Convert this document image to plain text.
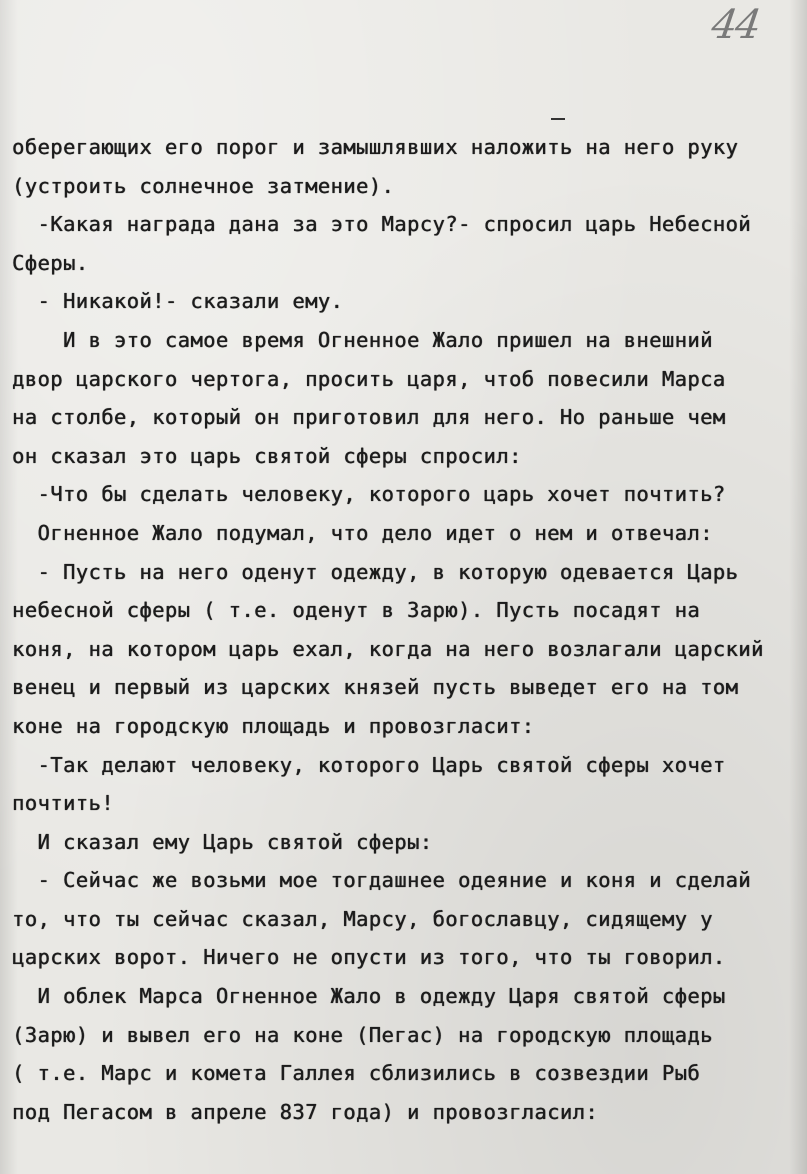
44
оберегающих его порог и замышлявших наложить на него руку
(устроить солнечное затмение).
-Какая награда дана за это Марсу?- спросил царь Небесной
Сферы.
- Никакой!- сказали ему.
И в это самое время Огненное Жало пришел на внешний
двор царского чертога, просить царя, чтоб повесили Марса
на столбе, который он приготовил для него. Но раньше чем
он сказал это царь святой сферы спросил:
-Что бы сделать человеку, которого царь хочет почтить?
Огненное Жало подумал, что дело идет о нем и отвечал:
- Пусть на него оденут одежду, в которую одевается Царь
небесной сферы ( т.е. оденут в Зарю). Пусть посадят на
коня, на котором царь ехал, когда на него возлагали царский
венец и первый из царских князей пусть выведет его на том
коне на городскую площадь и провозгласит:
-Так делают человеку, которого Царь святой сферы хочет
почтить!
И сказал ему Царь святой сферы:
- Сейчас же возьми мое тогдашнее одеяние и коня и сделай
то, что ты сейчас сказал, Марсу, богославцу, сидящему у
царских ворот. Ничего не опусти из того, что ты говорил.
И облек Марса Огненное Жало в одежду Царя святой сферы
(Зарю) и вывел его на коне (Пегас) на городскую площадь
( т.е. Марс и комета Галлея сблизились в созвездии Рыб
под Пегасом в апреле 837 года) и провозгласил:
